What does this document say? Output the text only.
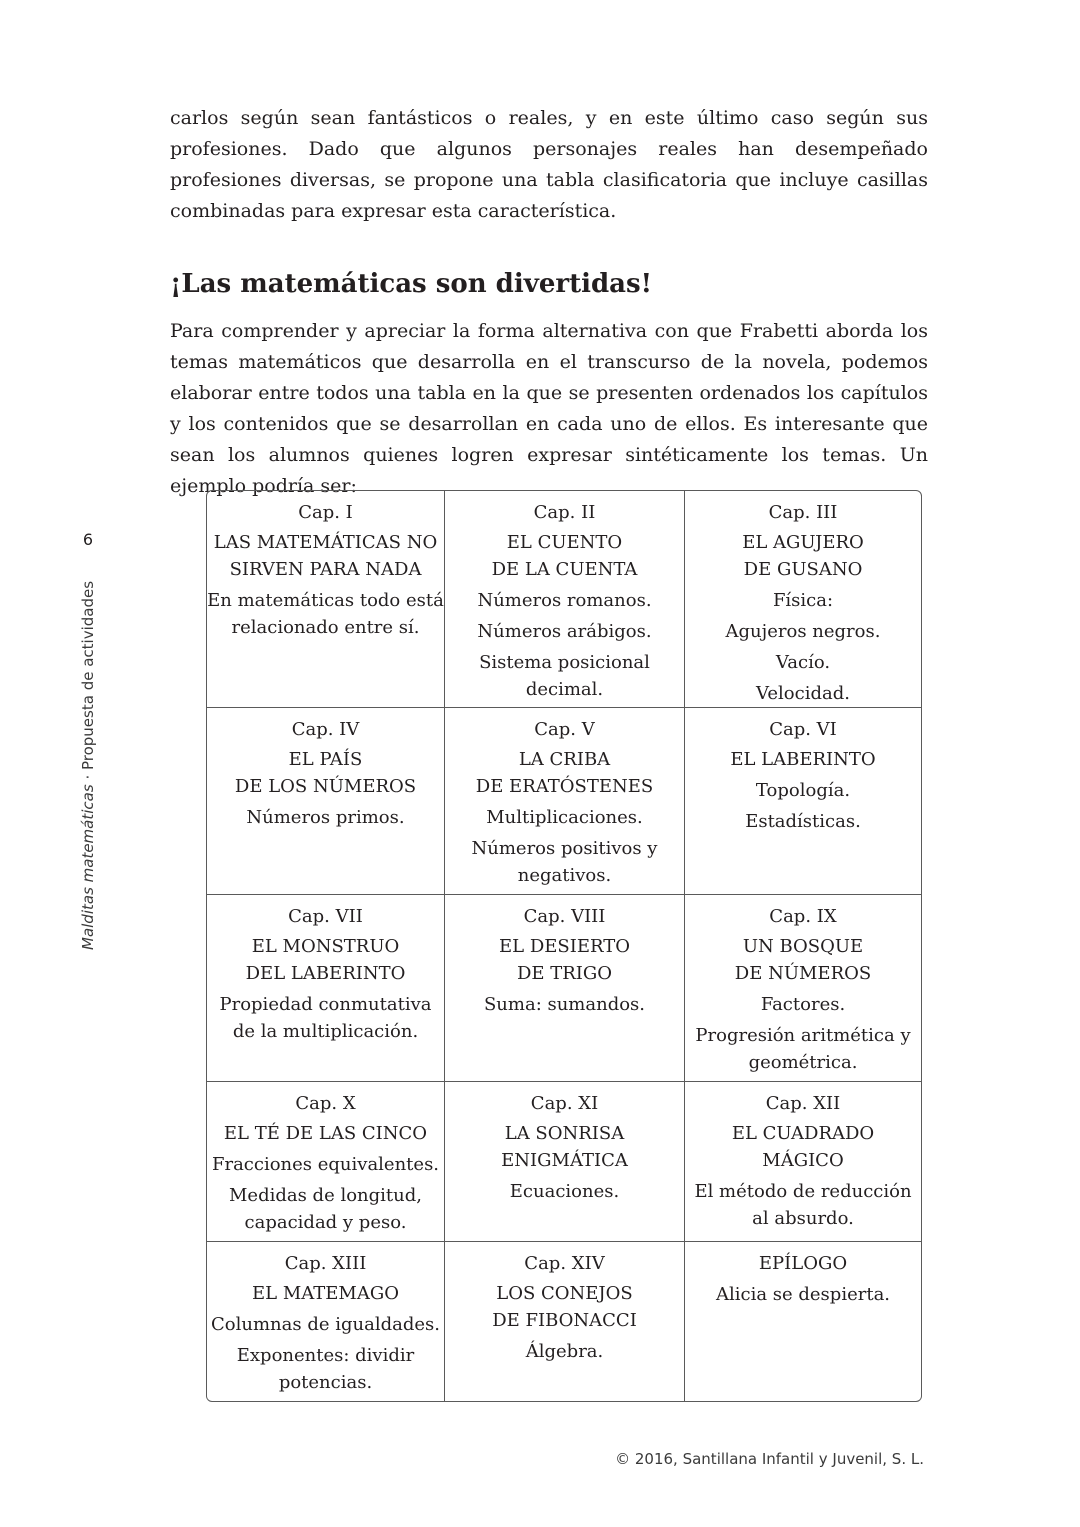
carlos según sean fantásticos o reales, y en este último caso según sus profesiones. Dado que algunos personajes reales han desempeñado profesiones diversas, se propone una tabla clasificatoria que incluye casillas combinadas para expresar esta característica.

¡Las matemáticas son divertidas!

Para comprender y apreciar la forma alternativa con que Frabetti aborda los temas matemáticos que desarrolla en el transcurso de la novela, podemos elaborar entre todos una tabla en la que se presenten ordenados los capítulos y los contenidos que se desarrollan en cada uno de ellos. Es interesante que sean los alumnos quienes logren expresar sintéticamente los temas. Un ejemplo podría ser:

6
Malditas matemáticas · Propuesta de actividades
Cap. I
LAS MATEMÁTICAS NO
SIRVEN PARA NADA
En matemáticas todo está relacionado entre sí.
Cap. II
EL CUENTO
DE LA CUENTA
Números romanos.
Números arábigos.
Sistema posicional decimal.
Cap. III
EL AGUJERO
DE GUSANO
Física:
Agujeros negros.
Vacío.
Velocidad.
Cap. IV
EL PAÍS
DE LOS NÚMEROS
Números primos.
Cap. V
LA CRIBA
DE ERATÓSTENES
Multiplicaciones.
Números positivos y negativos.
Cap. VI
EL LABERINTO
Topología.
Estadísticas.
Cap. VII
EL MONSTRUO
DEL LABERINTO
Propiedad conmutativa de la multiplicación.
Cap. VIII
EL DESIERTO
DE TRIGO
Suma: sumandos.
Cap. IX
UN BOSQUE
DE NÚMEROS
Factores.
Progresión aritmética y geométrica.
Cap. X
EL TÉ DE LAS CINCO
Fracciones equivalentes.
Medidas de longitud, capacidad y peso.
Cap. XI
LA SONRISA
ENIGMÁTICA
Ecuaciones.
Cap. XII
EL CUADRADO
MÁGICO
El método de reducción al absurdo.
Cap. XIII
EL MATEMAGO
Columnas de igualdades.
Exponentes: dividir potencias.
Cap. XIV
LOS CONEJOS
DE FIBONACCI
Álgebra.
EPÍLOGO
Alicia se despierta.
© 2016, Santillana Infantil y Juvenil, S. L.
